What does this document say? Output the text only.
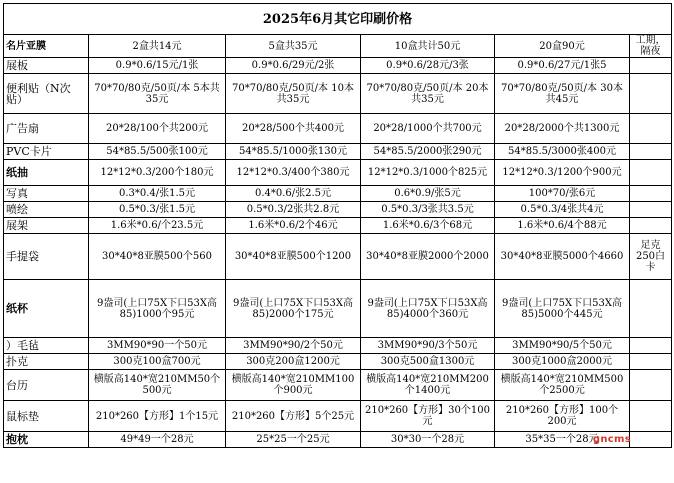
2025年6月其它印刷价格					
名片亚膜	2盒共14元	5盒共35元	10盒共计50元	20盒90元	工期，隔夜
展板	0.9*0.6/15元/1张	0.9*0.6/29元/2张	0.9*0.6/28元/3张	0.9*0.6/27元/1张5	
便利贴（N次贴）	70*70/80克/50页/本 5本共35元	70*70/80克/50页/本 10本共35元	70*70/80克/50页/本 20本共35元	70*70/80克/50页/本 30本共45元	
广告扇	20*28/100个共200元	20*28/500个共400元	20*28/1000个共700元	20*28/2000个共1300元	
PVC卡片	54*85.5/500张100元	54*85.5/1000张130元	54*85.5/2000张290元	54*85.5/3000张400元	
纸抽	12*12*0.3/200个180元	12*12*0.3/400个380元	12*12*0.3/1000个825元	12*12*0.3/1200个900元	
写真	0.3*0.4/张1.5元	0.4*0.6/张2.5元	0.6*0.9/张5元	100*70/张6元	
喷绘	0.5*0.3/张1.5元	0.5*0.3/2张共2.8元	0.5*0.3/3张共3.5元	0.5*0.3/4张共4元	
展架	1.6米*0.6/个23.5元	1.6米*0.6/2个46元	1.6米*0.6/3个68元	1.6米*0.6/4个88元	
手提袋	30*40*8亚膜500个560	30*40*8亚膜500个1200	30*40*8亚膜2000个2000	30*40*8亚膜5000个4660	足克250白卡
纸杯	9盎司(上口75X下口53X高85)1000个95元	9盎司(上口75X下口53X高85)2000个175元	9盎司(上口75X下口53X高85)4000个360元	9盎司(上口75X下口53X高85)5000个445元	
）毛毡	3MM90*90一个50元	3MM90*90/2个50元	3MM90*90/3个50元	3MM90*90/5个50元	
扑克	300克100盒700元	300克200盒1200元	300克500盒1300元	300克1000盒2000元	
台历	横版高140*宽210MM50个500元	横版高140*宽210MM100个900元	横版高140*宽210MM200个1400元	横版高140*宽210MM500个2500元	
鼠标垫	210*260【方形】1个15元	210*260【方形】5个25元	210*260【方形】30个100元	210*260【方形】100个200元	
抱枕	49*49一个28元	25*25一个25元	30*30一个28元	35*35一个28元	
gncms
